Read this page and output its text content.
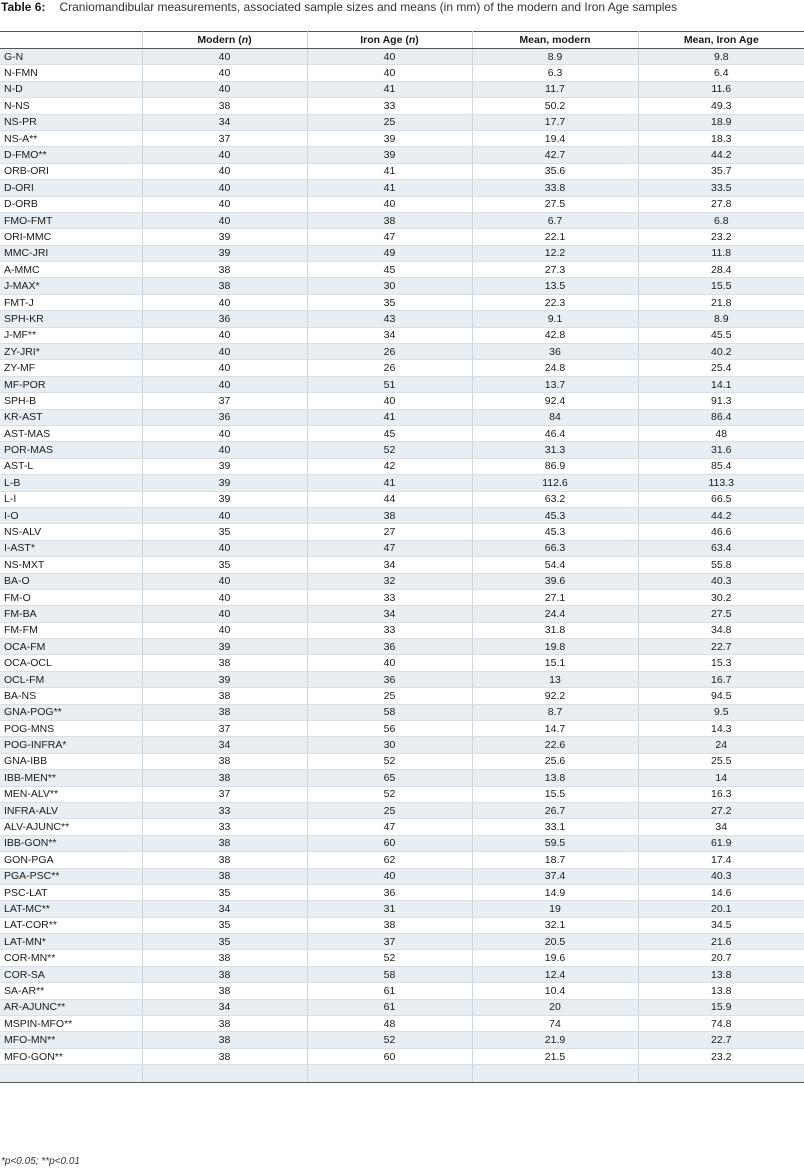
Table 6: Craniomandibular measurements, associated sample sizes and means (in mm) of the modern and Iron Age samples
	Modern (n)	Iron Age (n)	Mean, modern	Mean, Iron Age
G-N	40	40	8.9	9.8
N-FMN	40	40	6.3	6.4
N-D	40	41	11.7	11.6
N-NS	38	33	50.2	49.3
NS-PR	34	25	17.7	18.9
NS-A**	37	39	19.4	18.3
D-FMO**	40	39	42.7	44.2
ORB-ORI	40	41	35.6	35.7
D-ORI	40	41	33.8	33.5
D-ORB	40	40	27.5	27.8
FMO-FMT	40	38	6.7	6.8
ORI-MMC	39	47	22.1	23.2
MMC-JRI	39	49	12.2	11.8
A-MMC	38	45	27.3	28.4
J-MAX*	38	30	13.5	15.5
FMT-J	40	35	22.3	21.8
SPH-KR	36	43	9.1	8.9
J-MF**	40	34	42.8	45.5
ZY-JRI*	40	26	36	40.2
ZY-MF	40	26	24.8	25.4
MF-POR	40	51	13.7	14.1
SPH-B	37	40	92.4	91.3
KR-AST	36	41	84	86.4
AST-MAS	40	45	46.4	48
POR-MAS	40	52	31.3	31.6
AST-L	39	42	86.9	85.4
L-B	39	41	112.6	113.3
L-I	39	44	63.2	66.5
I-O	40	38	45.3	44.2
NS-ALV	35	27	45.3	46.6
I-AST*	40	47	66.3	63.4
NS-MXT	35	34	54.4	55.8
BA-O	40	32	39.6	40.3
FM-O	40	33	27.1	30.2
FM-BA	40	34	24.4	27.5
FM-FM	40	33	31.8	34.8
OCA-FM	39	36	19.8	22.7
OCA-OCL	38	40	15.1	15.3
OCL-FM	39	36	13	16.7
BA-NS	38	25	92.2	94.5
GNA-POG**	38	58	8.7	9.5
POG-MNS	37	56	14.7	14.3
POG-INFRA*	34	30	22.6	24
GNA-IBB	38	52	25.6	25.5
IBB-MEN**	38	65	13.8	14
MEN-ALV**	37	52	15.5	16.3
INFRA-ALV	33	25	26.7	27.2
ALV-AJUNC**	33	47	33.1	34
IBB-GON**	38	60	59.5	61.9
GON-PGA	38	62	18.7	17.4
PGA-PSC**	38	40	37.4	40.3
PSC-LAT	35	36	14.9	14.6
LAT-MC**	34	31	19	20.1
LAT-COR**	35	38	32.1	34.5
LAT-MN*	35	37	20.5	21.6
COR-MN**	38	52	19.6	20.7
COR-SA	38	58	12.4	13.8
SA-AR**	38	61	10.4	13.8
AR-AJUNC**	34	61	20	15.9
MSPIN-MFO**	38	48	74	74.8
MFO-MN**	38	52	21.9	22.7
MFO-GON**	38	60	21.5	23.2

*p<0.05; **p<0.01
